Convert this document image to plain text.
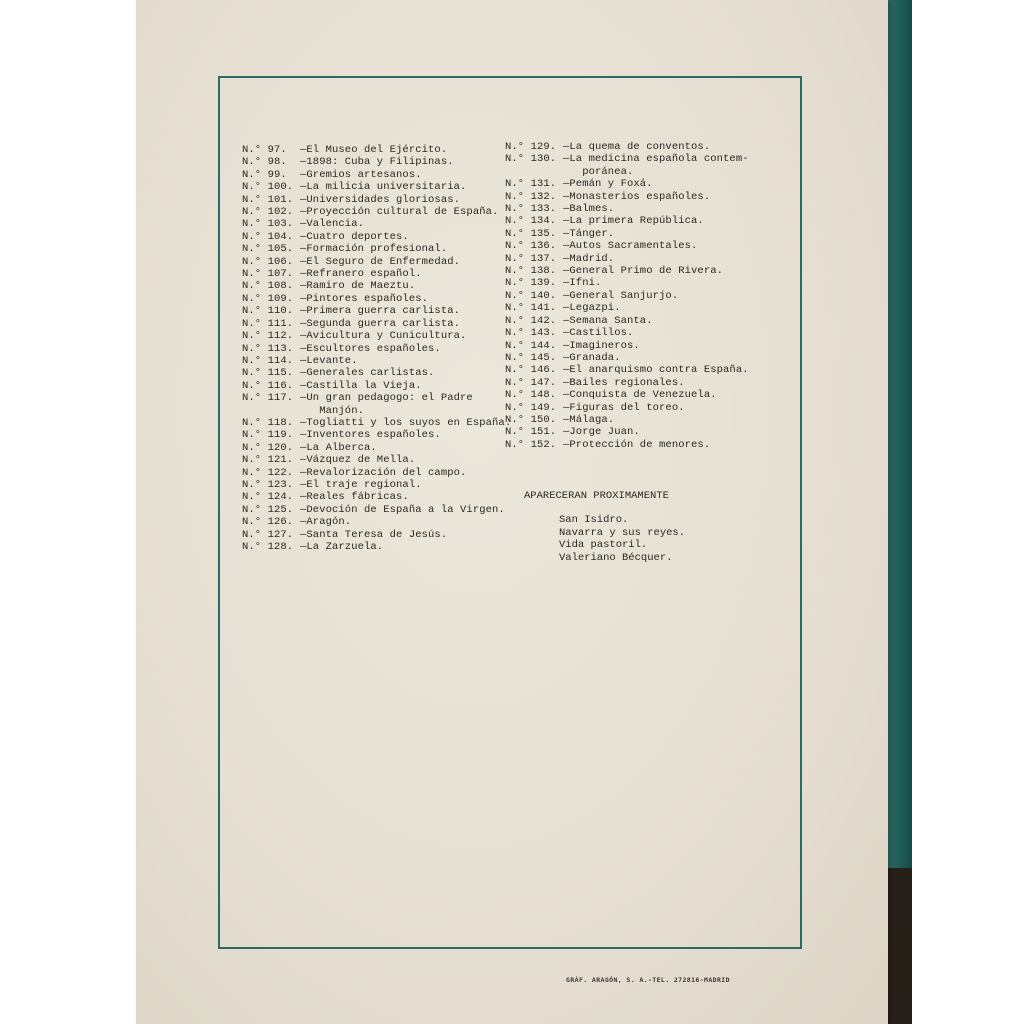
N.° 97.	—El Museo del Ejército.
N.° 98.	—1898: Cuba y Filipinas.
N.° 99.	—Gremios artesanos.
N.° 100. —La milicia universitaria.
N.° 101. —Universidades gloriosas.
N.° 102. —Proyección cultural de España.
N.° 103. —Valencia.
N.° 104. —Cuatro deportes.
N.° 105. —Formación profesional.
N.° 106. —El Seguro de Enfermedad.
N.° 107. —Refranero español.
N.° 108. —Ramiro de Maeztu.
N.° 109. —Pintores españoles.
N.° 110. —Primera guerra carlista.
N.° 111. —Segunda guerra carlista.
N.° 112. —Avicultura y Cunicultura.
N.° 113. —Escultores españoles.
N.° 114. —Levante.
N.° 115. —Generales carlistas.
N.° 116. —Castilla la Vieja.
N.° 117. —Un gran pedagogo: el Padre
Manjón.
N.° 118. —Togliatti y los suyos en España.
N.° 119. —Inventores españoles.
N.° 120. —La Alberca.
N.° 121. —Vázquez de Mella.
N.° 122. —Revalorización del campo.
N.° 123. —El traje regional.
N.° 124. —Reales fábricas.
N.° 125. —Devoción de España a la Virgen.
N.° 126. —Aragón.
N.° 127. —Santa Teresa de Jesús.
N.° 128. —La Zarzuela.
N.° 129. —La quema de conventos.
N.° 130. —La medicina española contem-
poránea.
N.° 131. —Pemán y Foxá.
N.° 132. —Monasterios españoles.
N.° 133. —Balmes.
N.° 134. —La primera República.
N.° 135. —Tánger.
N.° 136. —Autos Sacramentales.
N.° 137. —Madrid.
N.° 138. —General Primo de Rivera.
N.° 139. —Ifni.
N.° 140. —General Sanjurjo.
N.° 141. —Legazpi.
N.° 142. —Semana Santa.
N.° 143. —Castillos.
N.° 144. —Imagineros.
N.° 145. —Granada.
N.° 146. —El anarquismo contra España.
N.° 147. —Bailes regionales.
N.° 148. —Conquista de Venezuela.
N.° 149. —Figuras del toreo.
N.° 150. —Málaga.
N.° 151. —Jorge Juan.
N.° 152. —Protección de menores.
APARECERAN PROXIMAMENTE
San Isidro.
Navarra y sus reyes.
Vida pastoril.
Valeriano Bécquer.
GRÁF. ARAGÓN, S. A.-TEL. 272816-MADRID
